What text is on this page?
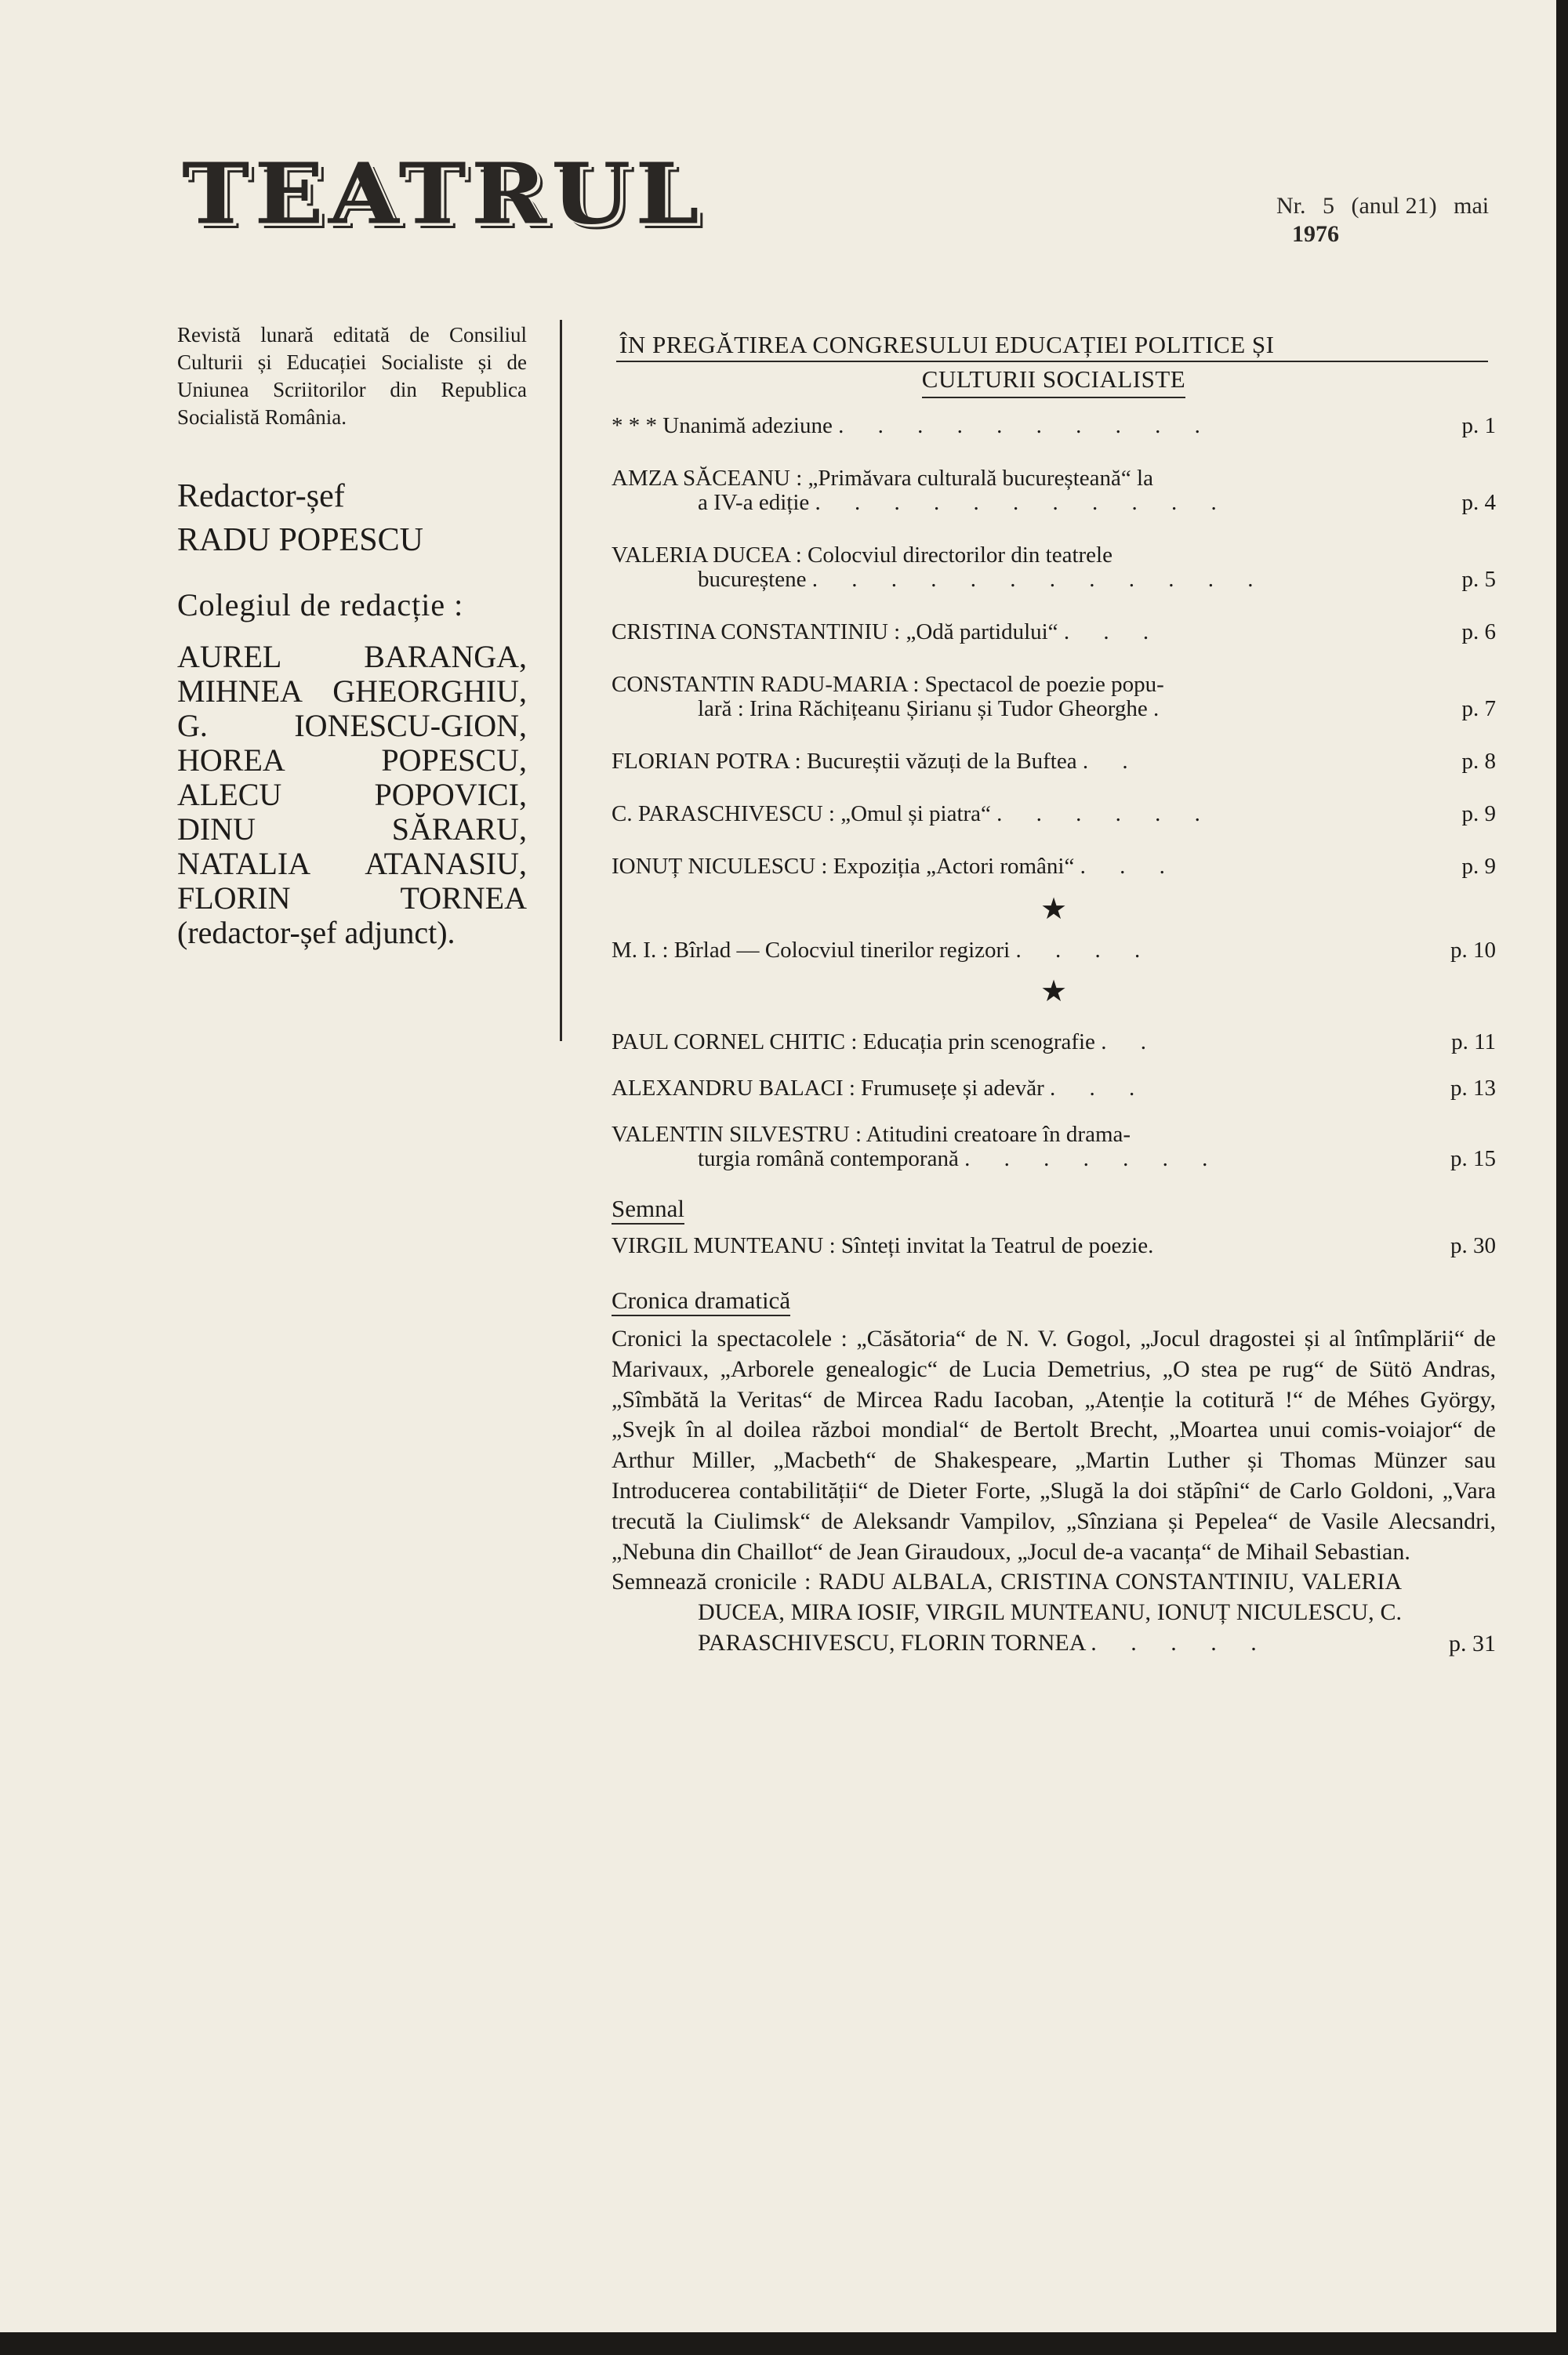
TEATRUL	Nr. 5 (anul 21) mai
1976
Revistă lunară editată de Consiliul Culturii și Educației Socialiste și de Uniunea Scriitorilor din Republica Socialistă România.
Redactor-șef
RADU POPESCU
Colegiul de redacție :
AUREL BARANGA, MIHNEA GHEORGHIU, G. IONESCU-GION, HOREA POPESCU, ALECU POPOVICI, DINU SĂRARU, NATALIA ATANASIU, FLORIN TORNEA (redactor-șef adjunct).
ÎN PREGĂTIREA CONGRESULUI EDUCAȚIEI POLITICE ȘI
CULTURII SOCIALISTE
* * * Unanimă adeziune . . . . . . . . . .	p. 1
AMZA SĂCEANU : „Primăvara culturală bucureșteană“ la
a IV-a ediție . . . . . . . . . . .	p. 4
VALERIA DUCEA : Colocviul directorilor din teatrele
bucureștene . . . . . . . . . . . .	p. 5
CRISTINA CONSTANTINIU : „Odă partidului“ . . .	p. 6
CONSTANTIN RADU-MARIA : Spectacol de poezie popu-
lară : Irina Răchițeanu Șirianu și Tudor Gheorghe .	p. 7
FLORIAN POTRA : Bucureștii văzuți de la Buftea . .	p. 8
C. PARASCHIVESCU : „Omul și piatra“ . . . . . .	p. 9
IONUȚ NICULESCU : Expoziția „Actori români“ . . .	p. 9
★
M. I. : Bîrlad — Colocviul tinerilor regizori . . . .	p. 10
★
PAUL CORNEL CHITIC : Educația prin scenografie . .	p. 11
ALEXANDRU BALACI : Frumusețe și adevăr . . .	p. 13
VALENTIN SILVESTRU : Atitudini creatoare în drama-
turgia română contemporană . . . . . . .	p. 15
Semnal
VIRGIL MUNTEANU : Sînteți invitat la Teatrul de poezie.	p. 30
Cronica dramatică
Cronici la spectacolele : „Căsătoria“ de N. V. Gogol, „Jocul dragostei și al întîmplării“ de Marivaux, „Arborele genealogic“ de Lucia Demetrius, „O stea pe rug“ de Sütö Andras, „Sîmbătă la Veritas“ de Mircea Radu Iacoban, „Atenție la cotitură !“ de Méhes György, „Svejk în al doilea război mondial“ de Bertolt Brecht, „Moartea unui comis-voiajor“ de Arthur Miller, „Macbeth“ de Shakespeare, „Martin Luther și Thomas Münzer sau Introducerea contabilității“ de Dieter Forte, „Slugă la doi stăpîni“ de Carlo Goldoni, „Vara trecută la Ciulimsk“ de Aleksandr Vampilov, „Sînziana și Pepelea“ de Vasile Alecsandri, „Nebuna din Chaillot“ de Jean Giraudoux, „Jocul de-a vacanța“ de Mihail Sebastian.
Semnează cronicile : RADU ALBALA, CRISTINA CONSTANTINIU, VALERIA DUCEA, MIRA IOSIF, VIRGIL MUNTEANU, IONUȚ NICULESCU, C. PARASCHIVESCU, FLORIN TORNEA . . . . .	p. 31
